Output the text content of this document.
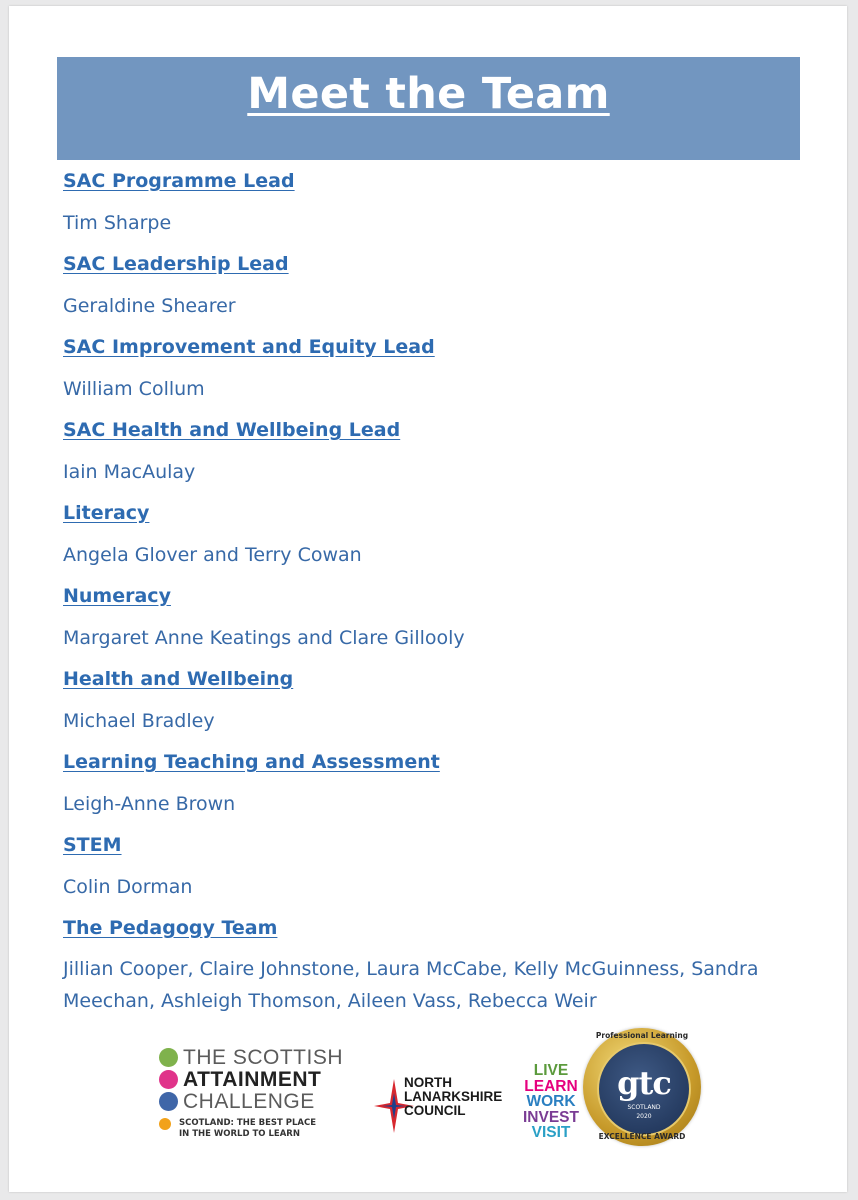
Meet the Team
SAC Programme Lead
Tim Sharpe
SAC Leadership Lead
Geraldine Shearer
SAC Improvement and Equity Lead
William Collum
SAC Health and Wellbeing Lead
Iain MacAulay
Literacy
Angela Glover and Terry Cowan
Numeracy
Margaret Anne Keatings and Clare Gillooly
Health and Wellbeing
Michael Bradley
Learning Teaching and Assessment
Leigh-Anne Brown
STEM
Colin Dorman
The Pedagogy Team
Jillian Cooper, Claire Johnstone, Laura McCabe, Kelly McGuinness, Sandra Meechan, Ashleigh Thomson, Aileen Vass, Rebecca Weir
THE SCOTTISH
ATTAINMENT
CHALLENGE
SCOTLAND: THE BEST PLACE
IN THE WORLD TO LEARN
NORTH
LANARKSHIRE
COUNCIL
LIVE
LEARN
WORK
INVEST
VISIT
Professional Learning
gtc
SCOTLAND
2020
EXCELLENCE AWARD
